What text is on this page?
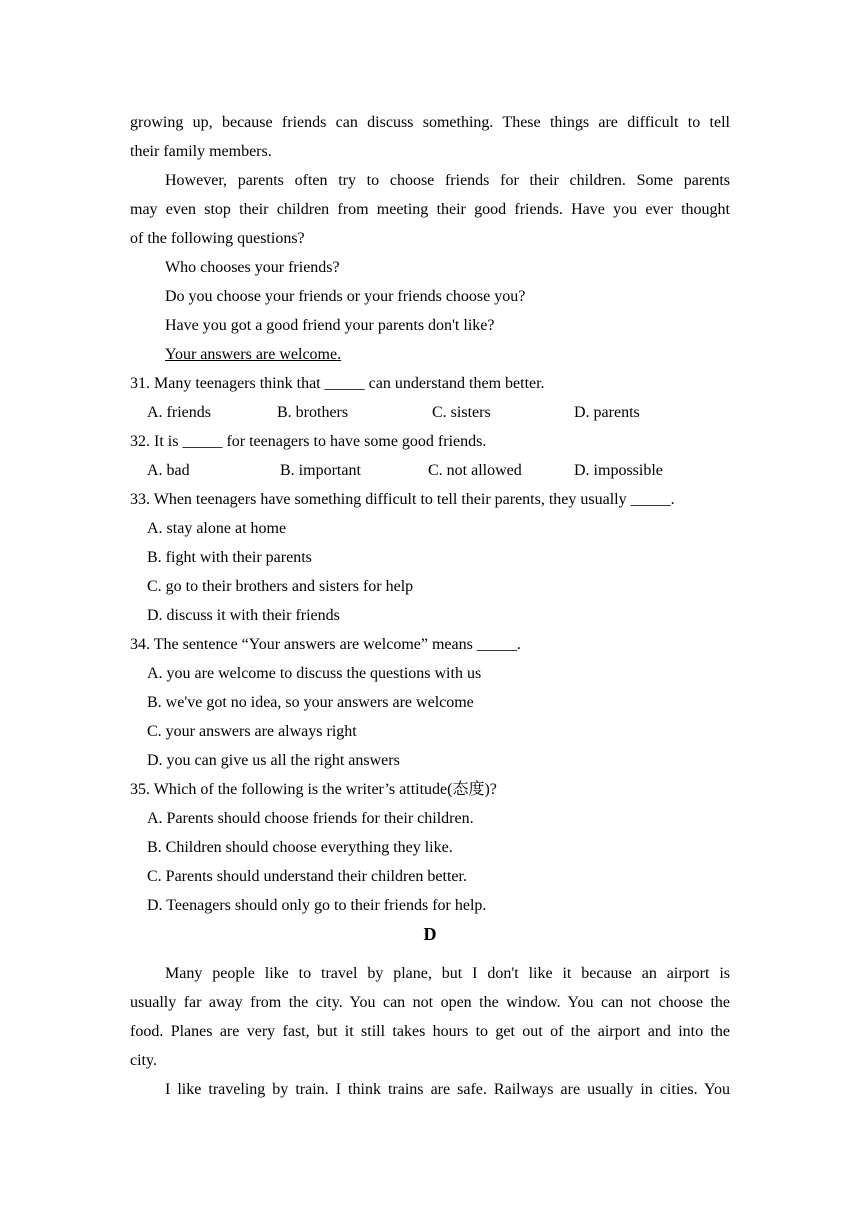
growing up, because friends can discuss something. These things are difficult to tell
their family members.
However, parents often try to choose friends for their children. Some parents
may even stop their children from meeting their good friends. Have you ever thought
of the following questions?
Who chooses your friends?
Do you choose your friends or your friends choose you?
Have you got a good friend your parents don't like?
Your answers are welcome.
31. Many teenagers think that _____ can understand them better.
A. friends	B. brothers	C. sisters	D. parents
32. It is _____ for teenagers to have some good friends.
A. bad	B. important	C. not allowed	D. impossible
33. When teenagers have something difficult to tell their parents, they usually _____.
A. stay alone at home
B. fight with their parents
C. go to their brothers and sisters for help
D. discuss it with their friends
34. The sentence “Your answers are welcome” means _____.
A. you are welcome to discuss the questions with us
B. we've got no idea, so your answers are welcome
C. your answers are always right
D. you can give us all the right answers
35. Which of the following is the writer’s attitude(态度)?
A. Parents should choose friends for their children.
B. Children should choose everything they like.
C. Parents should understand their children better.
D. Teenagers should only go to their friends for help.
D
Many people like to travel by plane, but I don't like it because an airport is
usually far away from the city. You can not open the window. You can not choose the
food. Planes are very fast, but it still takes hours to get out of the airport and into the
city.
I like traveling by train. I think trains are safe. Railways are usually in cities. You
